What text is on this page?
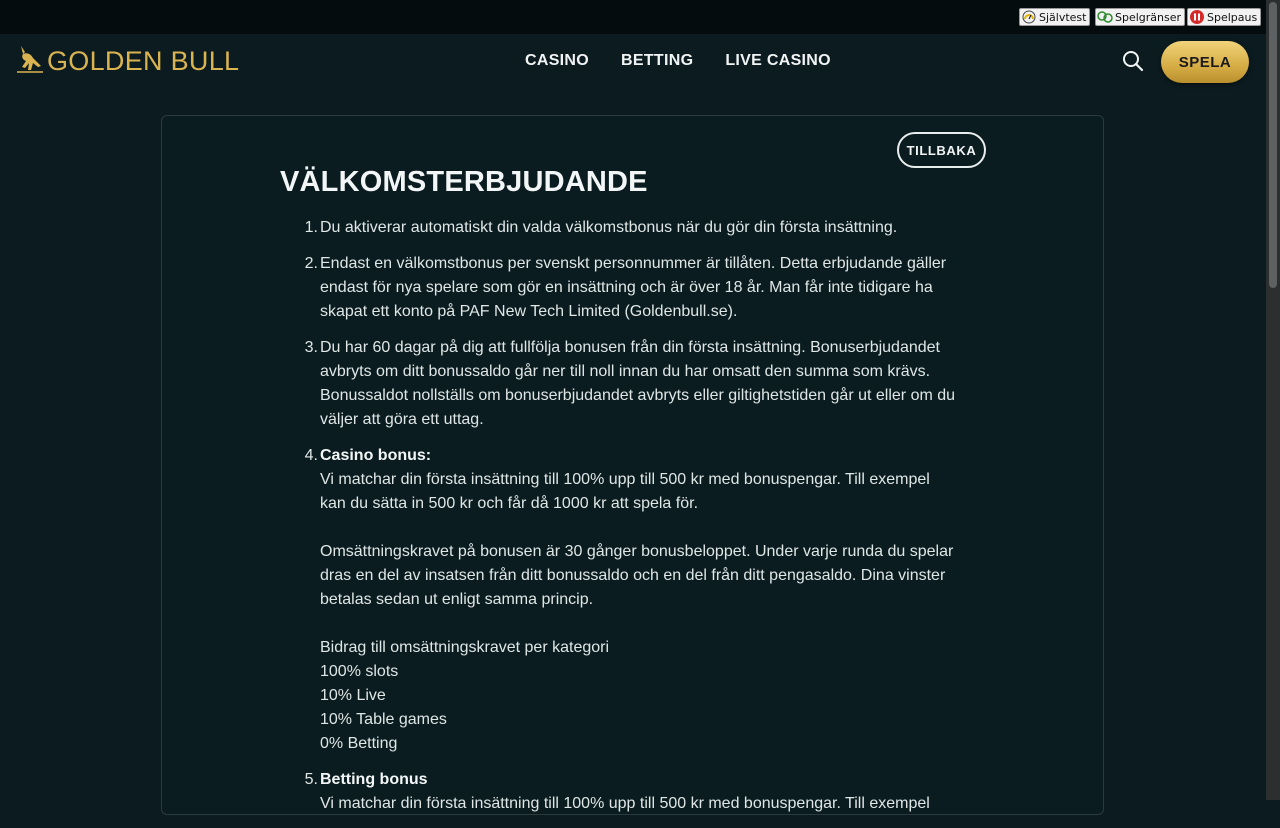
Självtest	Spelgränser Spelpaus
GOLDEN BULL	CASINO BETTING LIVE CASINO	SPELA
TILLBAKA
VÄLKOMSTERBJUDANDE
1. Du aktiverar automatiskt din valda välkomstbonus när du gör din första insättning.
2. Endast en välkomstbonus per svenskt personnummer är tillåten. Detta erbjudande gäller endast för nya spelare som gör en insättning och är över 18 år. Man får inte tidigare ha skapat ett konto på PAF New Tech Limited (Goldenbull.se).
3. Du har 60 dagar på dig att fullfölja bonusen från din första insättning. Bonuserbjudandet avbryts om ditt bonussaldo går ner till noll innan du har omsatt den summa som krävs. Bonussaldot nollställs om bonuserbjudandet avbryts eller giltighetstiden går ut eller om du väljer att göra ett uttag.
4. Casino bonus:
Vi matchar din första insättning till 100% upp till 500 kr med bonuspengar. Till exempel kan du sätta in 500 kr och får då 1000 kr att spela för.
Omsättningskravet på bonusen är 30 gånger bonusbeloppet. Under varje runda du spelar dras en del av insatsen från ditt bonussaldo och en del från ditt pengasaldo. Dina vinster betalas sedan ut enligt samma princip.
Bidrag till omsättningskravet per kategori
100% slots
10% Live
10% Table games
0% Betting
5. Betting bonus
Vi matchar din första insättning till 100% upp till 500 kr med bonuspengar. Till exempel
